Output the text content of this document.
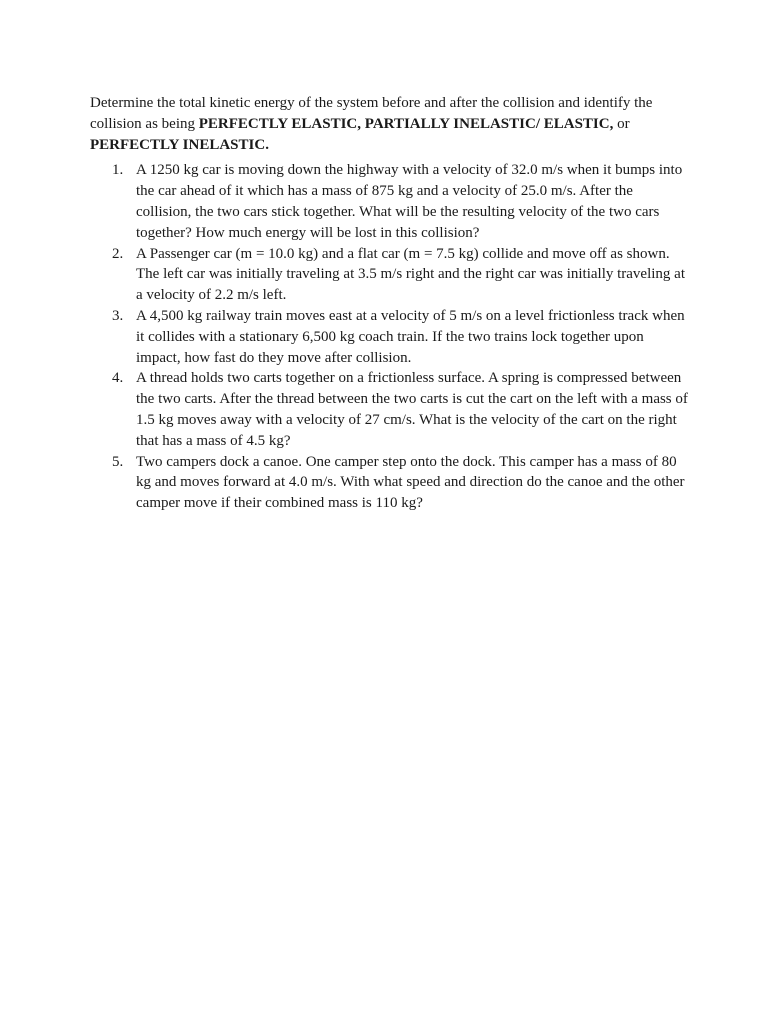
Determine the total kinetic energy of the system before and after the collision and identify the collision as being PERFECTLY ELASTIC, PARTIALLY INELASTIC/ ELASTIC, or PERFECTLY INELASTIC.

1. A 1250 kg car is moving down the highway with a velocity of 32.0 m/s when it bumps into the car ahead of it which has a mass of 875 kg and a velocity of 25.0 m/s. After the collision, the two cars stick together. What will be the resulting velocity of the two cars together? How much energy will be lost in this collision?
2. A Passenger car (m = 10.0 kg) and a flat car (m = 7.5 kg) collide and move off as shown. The left car was initially traveling at 3.5 m/s right and the right car was initially traveling at a velocity of 2.2 m/s left.
3. A 4,500 kg railway train moves east at a velocity of 5 m/s on a level frictionless track when it collides with a stationary 6,500 kg coach train. If the two trains lock together upon impact, how fast do they move after collision.
4. A thread holds two carts together on a frictionless surface. A spring is compressed between the two carts. After the thread between the two carts is cut the cart on the left with a mass of 1.5 kg moves away with a velocity of 27 cm/s. What is the velocity of the cart on the right that has a mass of 4.5 kg?
5. Two campers dock a canoe. One camper step onto the dock. This camper has a mass of 80 kg and moves forward at 4.0 m/s. With what speed and direction do the canoe and the other camper move if their combined mass is 110 kg?
